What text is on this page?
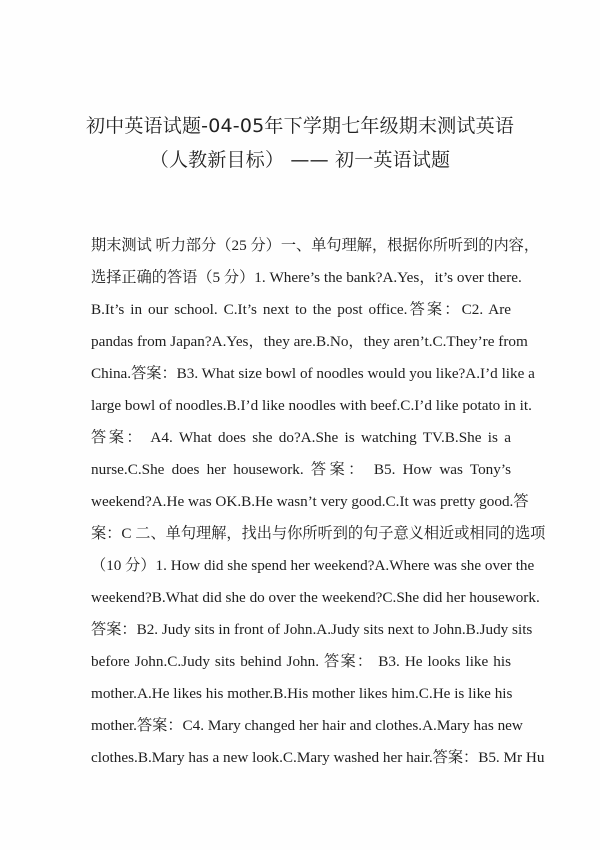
初中英语试题-04-05年下学期七年级期末测试英语
（人教新目标） —— 初一英语试题
期末测试 听力部分（25 分）一、单句理解，根据你所听到的内容，
选择正确的答语（5 分）1. Where’s the bank?A.Yes，it’s over there.
B.It’s in our school. C.It’s next to the post office.答案：C2. Are
pandas from Japan?A.Yes，they are.B.No，they aren’t.C.They’re from
China.答案：B3. What size bowl of noodles would you like?A.I’d like a
large bowl of noodles.B.I’d like noodles with beef.C.I’d like potato in it.
答案： A4. What does she do?A.She is watching TV.B.She is a
nurse.C.She does her housework. 答案： B5. How was Tony’s
weekend?A.He was OK.B.He wasn’t very good.C.It was pretty good.答
案：C 二、单句理解，找出与你所听到的句子意义相近或相同的选项
（10 分）1. How did she spend her weekend?A.Where was she over the
weekend?B.What did she do over the weekend?C.She did her housework.
答案：B2. Judy sits in front of John.A.Judy sits next to John.B.Judy sits
before John.C.Judy sits behind John. 答案： B3. He looks like his
mother.A.He likes his mother.B.His mother likes him.C.He is like his
mother.答案：C4. Mary changed her hair and clothes.A.Mary has new
clothes.B.Mary has a new look.C.Mary washed her hair.答案：B5. Mr Hu
